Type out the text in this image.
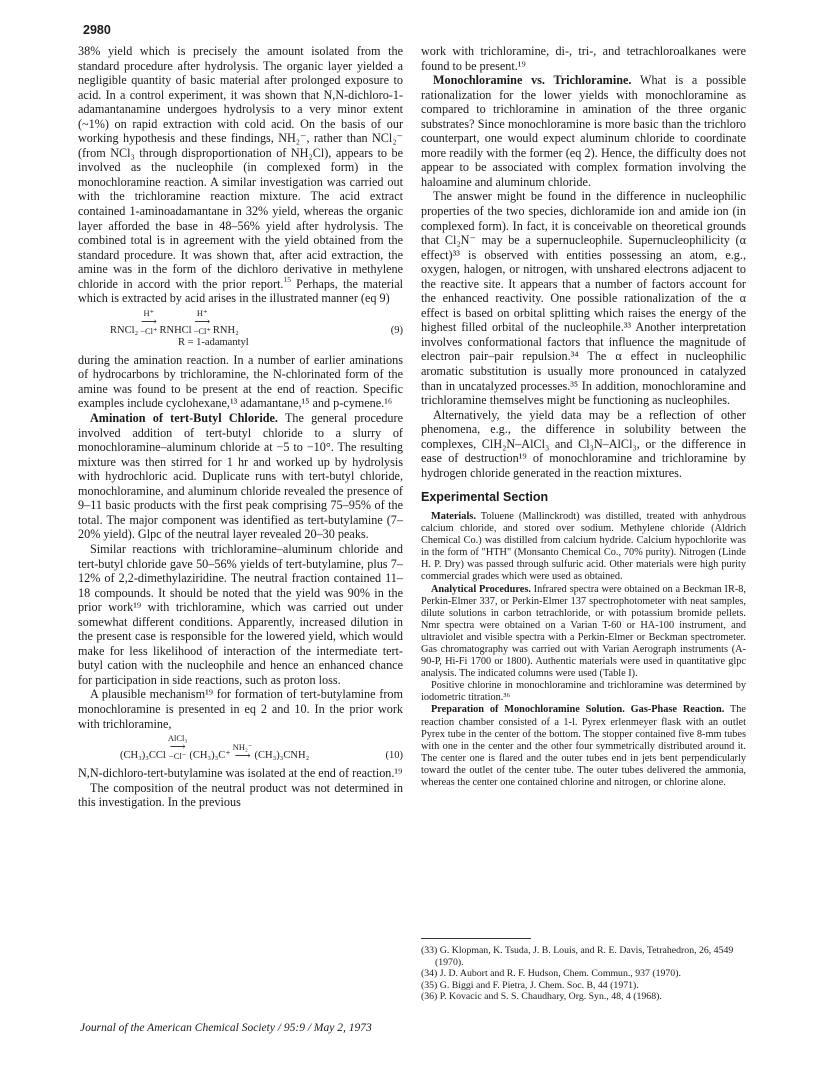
2980

38% yield which is precisely the amount isolated from the standard procedure after hydrolysis. The organic layer yielded a negligible quantity of basic material after prolonged exposure to acid. In a control experiment, it was shown that N,N-dichloro-1-adamantanamine undergoes hydrolysis to a very minor extent (~1%) on rapid extraction with cold acid. On the basis of our working hypothesis and these findings, NH₂⁻, rather than NCl₂⁻ (from NCl₃ through disproportionation of NH₂Cl), appears to be involved as the nucleophile (in complexed form) in the monochloramine reaction. A similar investigation was carried out with the trichloramine reaction mixture. The acid extract contained 1-aminoadamantane in 32% yield, whereas the organic layer afforded the base in 48–56% yield after hydrolysis. The combined total is in agreement with the yield obtained from the standard procedure. It was shown that, after acid extraction, the amine was in the form of the dichloro derivative in methylene chloride in accord with the prior report.$^{15}$ Perhaps, the material which is extracted by acid arises in the illustrated manner (eq 9)

RNCl₂
H⁺
⟶
−Cl⁺ RNHCl
H⁺
⟶
−Cl⁺ RNH₂	(9)
R = 1-adamantyl

during the amination reaction. In a number of earlier aminations of hydrocarbons by trichloramine, the N-chlorinated form of the amine was found to be present at the end of reaction. Specific examples include cyclohexane,¹³ adamantane,¹⁵ and p-cymene.¹⁶

Amination of tert-Butyl Chloride. The general procedure involved addition of tert-butyl chloride to a slurry of monochloramine–aluminum chloride at −5 to −10°. The resulting mixture was then stirred for 1 hr and worked up by hydrolysis with hydrochloric acid. Duplicate runs with tert-butyl chloride, monochloramine, and aluminum chloride revealed the presence of 9–11 basic products with the first peak comprising 75–95% of the total. The major component was identified as tert-butylamine (7–20% yield). Glpc of the neutral layer revealed 20–30 peaks.

Similar reactions with trichloramine–aluminum chloride and tert-butyl chloride gave 50–56% yields of tert-butylamine, plus 7–12% of 2,2-dimethylaziridine. The neutral fraction contained 11–18 compounds. It should be noted that the yield was 90% in the prior work¹⁹ with trichloramine, which was carried out under somewhat different conditions. Apparently, increased dilution in the present case is responsible for the lowered yield, which would make for less likelihood of interaction of the intermediate tert-butyl cation with the nucleophile and hence an enhanced chance for participation in side reactions, such as proton loss.

A plausible mechanism¹⁹ for formation of tert-butylamine from monochloramine is presented in eq 2 and 10. In the prior work with trichloramine,

(CH₃)₃CCl
AlCl₃
⟶
−Cl⁻ (CH₃)₃C⁺
NH₂⁻
⟶ (CH₃)₃CNH₂	(10)

N,N-dichloro-tert-butylamine was isolated at the end of reaction.¹⁹

The composition of the neutral product was not determined in this investigation. In the previous

work with trichloramine, di-, tri-, and tetrachloroalkanes were found to be present.¹⁹

Monochloramine vs. Trichloramine. What is a possible rationalization for the lower yields with monochloramine as compared to trichloramine in amination of the three organic substrates? Since monochloramine is more basic than the trichloro counterpart, one would expect aluminum chloride to coordinate more readily with the former (eq 2). Hence, the difficulty does not appear to be associated with complex formation involving the haloamine and aluminum chloride.

The answer might be found in the difference in nucleophilic properties of the two species, dichloramide ion and amide ion (in complexed form). In fact, it is conceivable on theoretical grounds that Cl₂N⁻ may be a supernucleophile. Supernucleophilicity (α effect)³³ is observed with entities possessing an atom, e.g., oxygen, halogen, or nitrogen, with unshared electrons adjacent to the reactive site. It appears that a number of factors account for the enhanced reactivity. One possible rationalization of the α effect is based on orbital splitting which raises the energy of the highest filled orbital of the nucleophile.³³ Another interpretation involves conformational factors that influence the magnitude of electron pair–pair repulsion.³⁴ The α effect in nucleophilic aromatic substitution is usually more pronounced in catalyzed than in uncatalyzed processes.³⁵ In addition, monochloramine and trichloramine themselves might be functioning as nucleophiles.

Alternatively, the yield data may be a reflection of other phenomena, e.g., the difference in solubility between the complexes, ClH₂N–AlCl₃ and Cl₃N–AlCl₃, or the difference in ease of destruction¹⁹ of monochloramine and trichloramine by hydrogen chloride generated in the reaction mixtures.

Experimental Section

Materials. Toluene (Mallinckrodt) was distilled, treated with anhydrous calcium chloride, and stored over sodium. Methylene chloride (Aldrich Chemical Co.) was distilled from calcium hydride. Calcium hypochlorite was in the form of "HTH" (Monsanto Chemical Co., 70% purity). Nitrogen (Linde H. P. Dry) was passed through sulfuric acid. Other materials were high purity commercial grades which were used as obtained.

Analytical Procedures. Infrared spectra were obtained on a Beckman IR-8, Perkin-Elmer 337, or Perkin-Elmer 137 spectrophotometer with neat samples, dilute solutions in carbon tetrachloride, or with potassium bromide pellets. Nmr spectra were obtained on a Varian T-60 or HA-100 instrument, and ultraviolet and visible spectra with a Perkin-Elmer or Beckman spectrometer. Gas chromatography was carried out with Varian Aerograph instruments (A-90-P, Hi-Fi 1700 or 1800). Authentic materials were used in quantitative glpc analysis. The indicated columns were used (Table I).

Positive chlorine in monochloramine and trichloramine was determined by iodometric titration.³⁶

Preparation of Monochloramine Solution. Gas-Phase Reaction. The reaction chamber consisted of a 1-l. Pyrex erlenmeyer flask with an outlet Pyrex tube in the center of the bottom. The stopper contained five 8-mm tubes with one in the center and the other four symmetrically distributed around it. The center one is flared and the outer tubes end in jets bent perpendicularly toward the outlet of the center tube. The outer tubes delivered the ammonia, whereas the center one contained chlorine and nitrogen, or chlorine alone.

(33) G. Klopman, K. Tsuda, J. B. Louis, and R. E. Davis, Tetrahedron, 26, 4549 (1970).

(34) J. D. Aubort and R. F. Hudson, Chem. Commun., 937 (1970).

(35) G. Biggi and F. Pietra, J. Chem. Soc. B, 44 (1971).

(36) P. Kovacic and S. S. Chaudhary, Org. Syn., 48, 4 (1968).

Journal of the American Chemical Society / 95:9 / May 2, 1973
